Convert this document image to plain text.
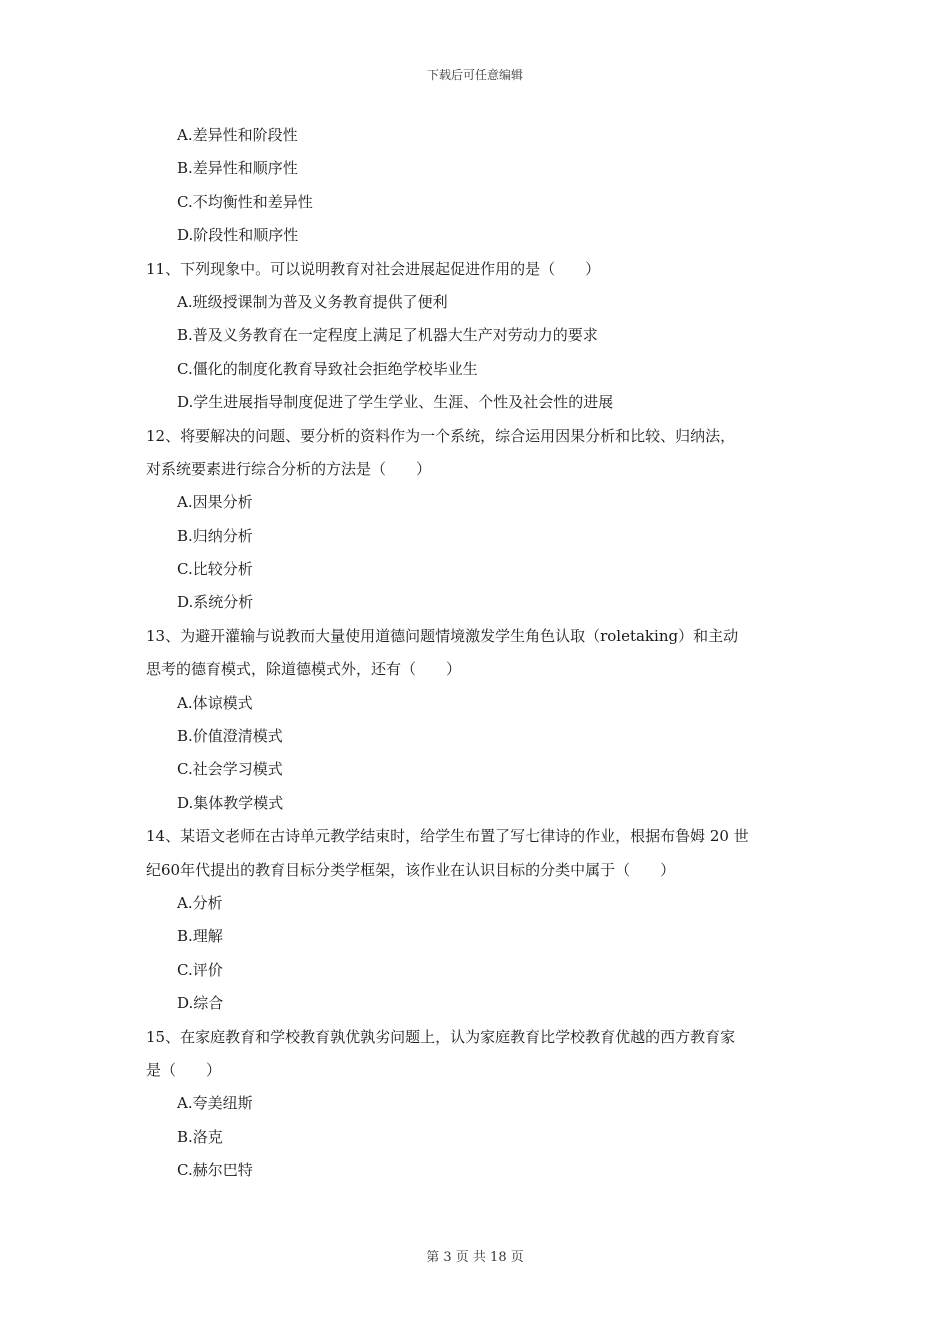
下载后可任意编辑
A.差异性和阶段性
B.差异性和顺序性
C.不均衡性和差异性
D.阶段性和顺序性
11、下列现象中。可以说明教育对社会进展起促进作用的是（　　）
A.班级授课制为普及义务教育提供了便利
B.普及义务教育在一定程度上满足了机器大生产对劳动力的要求
C.僵化的制度化教育导致社会拒绝学校毕业生
D.学生进展指导制度促进了学生学业、生涯、个性及社会性的进展
12、将要解决的问题、要分析的资料作为一个系统，综合运用因果分析和比较、归纳法，
对系统要素进行综合分析的方法是（　　）
A.因果分析
B.归纳分析
C.比较分析
D.系统分析
13、为避开灌输与说教而大量使用道德问题情境激发学生角色认取（roletaking）和主动
思考的德育模式，除道德模式外，还有（　　）
A.体谅模式
B.价值澄清模式
C.社会学习模式
D.集体教学模式
14、某语文老师在古诗单元教学结束时，给学生布置了写七律诗的作业，根据布鲁姆 20 世
纪60年代提出的教育目标分类学框架，该作业在认识目标的分类中属于（　　）
A.分析
B.理解
C.评价
D.综合
15、在家庭教育和学校教育孰优孰劣问题上，认为家庭教育比学校教育优越的西方教育家
是（　　）
A.夸美纽斯
B.洛克
C.赫尔巴特
第 3 页 共 18 页
